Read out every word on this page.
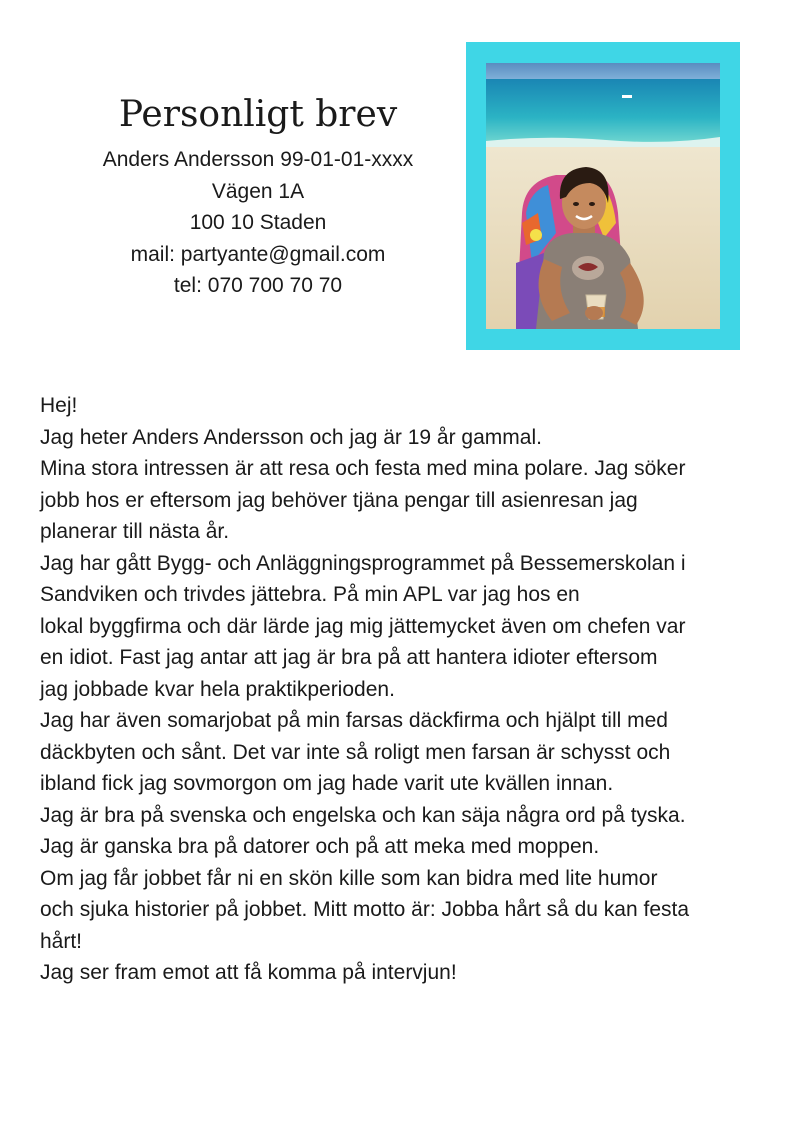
Personligt brev
Anders Andersson 99-01-01-xxxx
Vägen 1A
100 10 Staden
mail: partyante@gmail.com
tel: 070 700 70 70
Hej!
Jag heter Anders Andersson och jag är 19 år gammal.
Mina stora intressen är att resa och festa med mina polare. Jag söker
jobb hos er eftersom jag behöver tjäna pengar till asienresan jag
planerar till nästa år.
Jag har gått Bygg- och Anläggningsprogrammet på Bessemerskolan i
Sandviken och trivdes jättebra. På min APL var jag hos en
lokal byggfirma och där lärde jag mig jättemycket även om chefen var
en idiot. Fast jag antar att jag är bra på att hantera idioter eftersom
jag jobbade kvar hela praktikperioden.
Jag har även somarjobat på min farsas däckfirma och hjälpt till med
däckbyten och sånt. Det var inte så roligt men farsan är schysst och
ibland fick jag sovmorgon om jag hade varit ute kvällen innan.
Jag är bra på svenska och engelska och kan säja några ord på tyska.
Jag är ganska bra på datorer och på att meka med moppen.
Om jag får jobbet får ni en skön kille som kan bidra med lite humor
och sjuka historier på jobbet. Mitt motto är: Jobba hårt så du kan festa
hårt!
Jag ser fram emot att få komma på intervjun!
